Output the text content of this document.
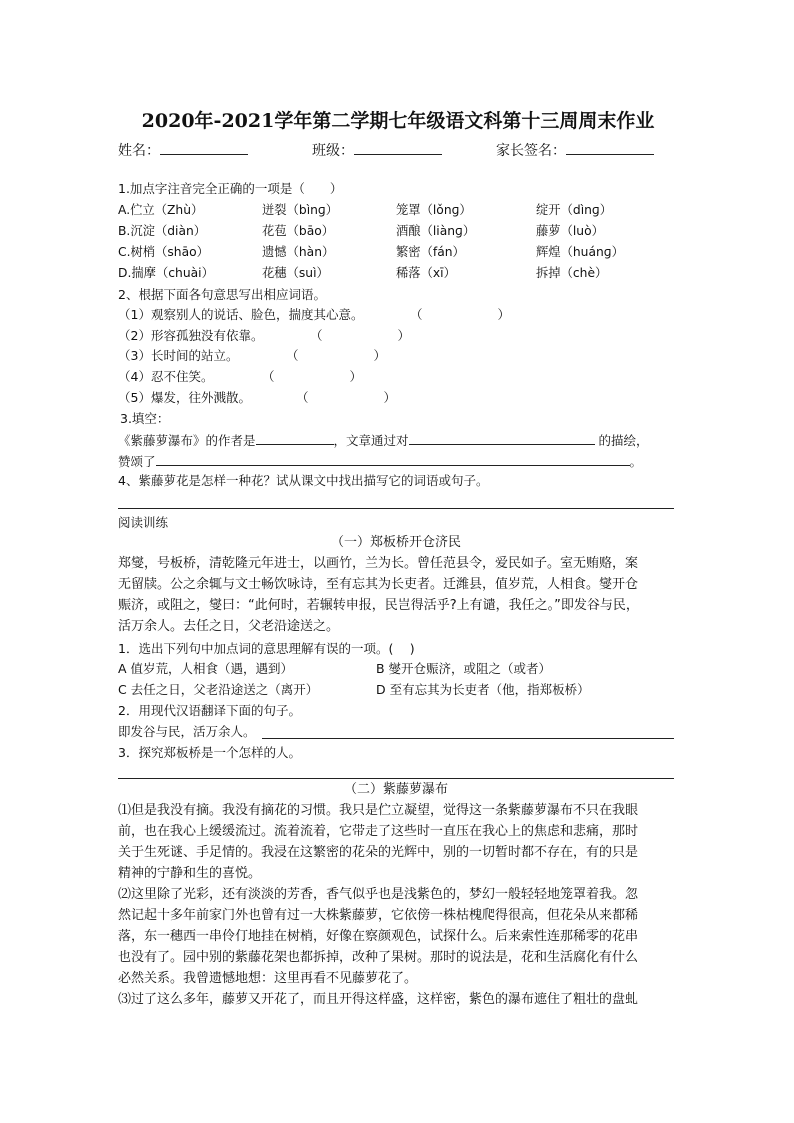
2020年-2021学年第二学期七年级语文科第十三周周末作业
姓名：	班级：	家长签名：
1.加点字注音完全正确的一项是（　　）
A.伫立（Zhù）	迸裂（bìnɡ）	笼罩（lǒnɡ）	绽开（dìnɡ）
B.沉淀（diàn）	花苞（bāo）	酒酿（liànɡ）	藤萝（luò）
C.树梢（shāo）	遗憾（hàn）	繁密（fán）	辉煌（huánɡ）
D.揣摩（chuài）	花穗（suì）	稀落（xī）	拆掉（chè）
2、根据下面各句意思写出相应词语。
（1）观察别人的说话、脸色，揣度其心意。	（　　　　　　）
（2）形容孤独没有依靠。	（　　　　　　）
（3）长时间的站立。	（　　　　　　）
（4）忍不住笑。	（　　　　　　）
（5）爆发，往外溅散。	（　　　　　　）
3.填空：
《紫藤萝瀑布》的作者是	，文章通过对	的描绘，
赞颂了	。
4、紫藤萝花是怎样一种花？试从课文中找出描写它的词语或句子。
阅读训练
（一）郑板桥开仓济民
郑燮，号板桥，清乾隆元年进士，以画竹，兰为长。曾任范县令，爱民如子。室无贿赂，案
无留牍。公之余辄与文士畅饮咏诗，至有忘其为长吏者。迁潍县，值岁荒，人相食。燮开仓
赈济，或阻之，燮曰：“此何时，若辗转申报，民岂得活乎?上有谴，我任之。”即发谷与民，
活万余人。去任之日，父老沿途送之。
1．选出下列句中加点词的意思理解有误的一项。(　 )
A 值岁荒，人相食（遇，遇到）	B 燮开仓赈济，或阻之（或者）
C 去任之日，父老沿途送之（离开）	D 至有忘其为长吏者（他，指郑板桥）
2．用现代汉语翻译下面的句子。
即发谷与民，活万余人。
3．探究郑板桥是一个怎样的人。
（二）紫藤萝瀑布
⑴但是我没有摘。我没有摘花的习惯。我只是伫立凝望，觉得这一条紫藤萝瀑布不只在我眼
前，也在我心上缓缓流过。流着流着，它带走了这些时一直压在我心上的焦虑和悲痛，那时
关于生死谜、手足情的。我浸在这繁密的花朵的光辉中，别的一切暂时都不存在，有的只是
精神的宁静和生的喜悦。
⑵这里除了光彩，还有淡淡的芳香，香气似乎也是浅紫色的，梦幻一般轻轻地笼罩着我。忽
然记起十多年前家门外也曾有过一大株紫藤萝，它依傍一株枯槐爬得很高，但花朵从来都稀
落，东一穗西一串伶仃地挂在树梢，好像在察颜观色，试探什么。后来索性连那稀零的花串
也没有了。园中别的紫藤花架也都拆掉，改种了果树。那时的说法是，花和生活腐化有什么
必然关系。我曾遗憾地想：这里再看不见藤萝花了。
⑶过了这么多年，藤萝又开花了，而且开得这样盛，这样密，紫色的瀑布遮住了粗壮的盘虬
